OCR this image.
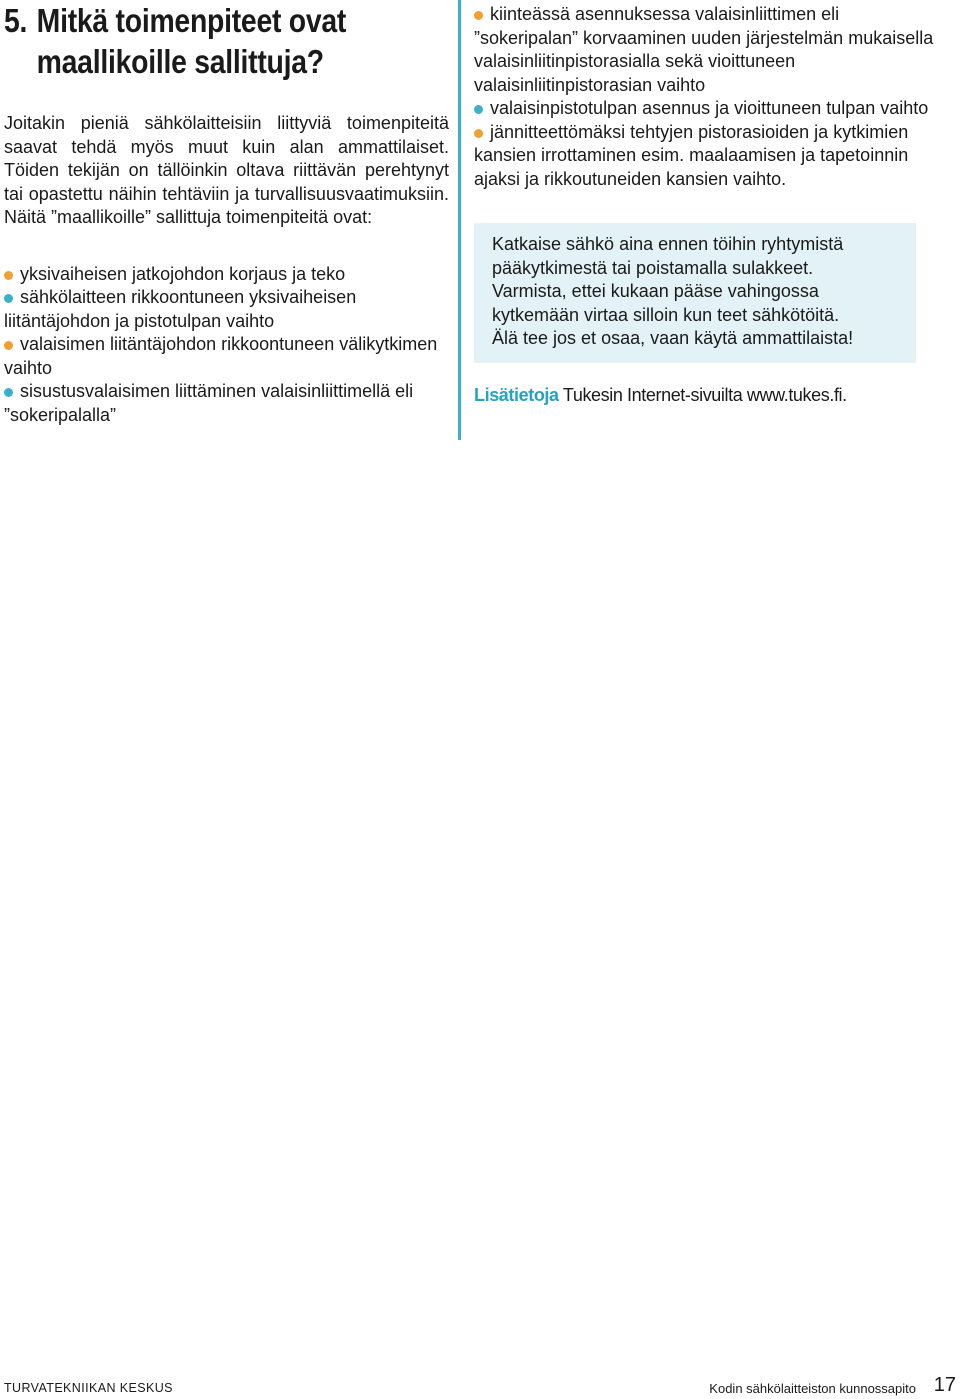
5. Mitkä toimenpiteet ovat
maallikoille sallittuja?

Joitakin pieniä sähkölaitteisiin liittyviä toimenpiteitä saavat tehdä myös muut kuin alan ammattilaiset. Töiden tekijän on tällöinkin oltava riittävän perehtynyt tai opastettu näihin tehtäviin ja turvallisuusvaatimuksiin. Näitä ”maallikoille” sallittuja toimenpiteitä ovat:

yksivaiheisen jatkojohdon korjaus ja teko
sähkölaitteen rikkoontuneen yksivaiheisen liitäntäjohdon ja pistotulpan vaihto
valaisimen liitäntäjohdon rikkoontuneen välikytkimen vaihto
sisustusvalaisimen liittäminen valaisinliittimellä eli ”sokeripalalla”
kiinteässä asennuksessa valaisinliittimen eli ”sokeripalan” korvaaminen uuden järjestelmän mukaisella valaisinliitinpistorasialla sekä vioittuneen valaisinliitinpistorasian vaihto
valaisinpistotulpan asennus ja vioittuneen tulpan vaihto
jännitteettömäksi tehtyjen pistorasioiden ja kytkimien kansien irrottaminen esim. maalaamisen ja tapetoinnin ajaksi ja rikkoutuneiden kansien vaihto.

Katkaise sähkö aina ennen töihin ryhtymistä

pääkytkimestä tai poistamalla sulakkeet.

Varmista, ettei kukaan pääse vahingossa

kytkemään virtaa silloin kun teet sähkötöitä.

Älä tee jos et osaa, vaan käytä ammattilaista!

Lisätietoja Tukesin Internet-sivuilta www.tukes.fi.
TURVATEKNIIKAN KESKUS	Kodin sähkölaitteiston kunnossapito 17
